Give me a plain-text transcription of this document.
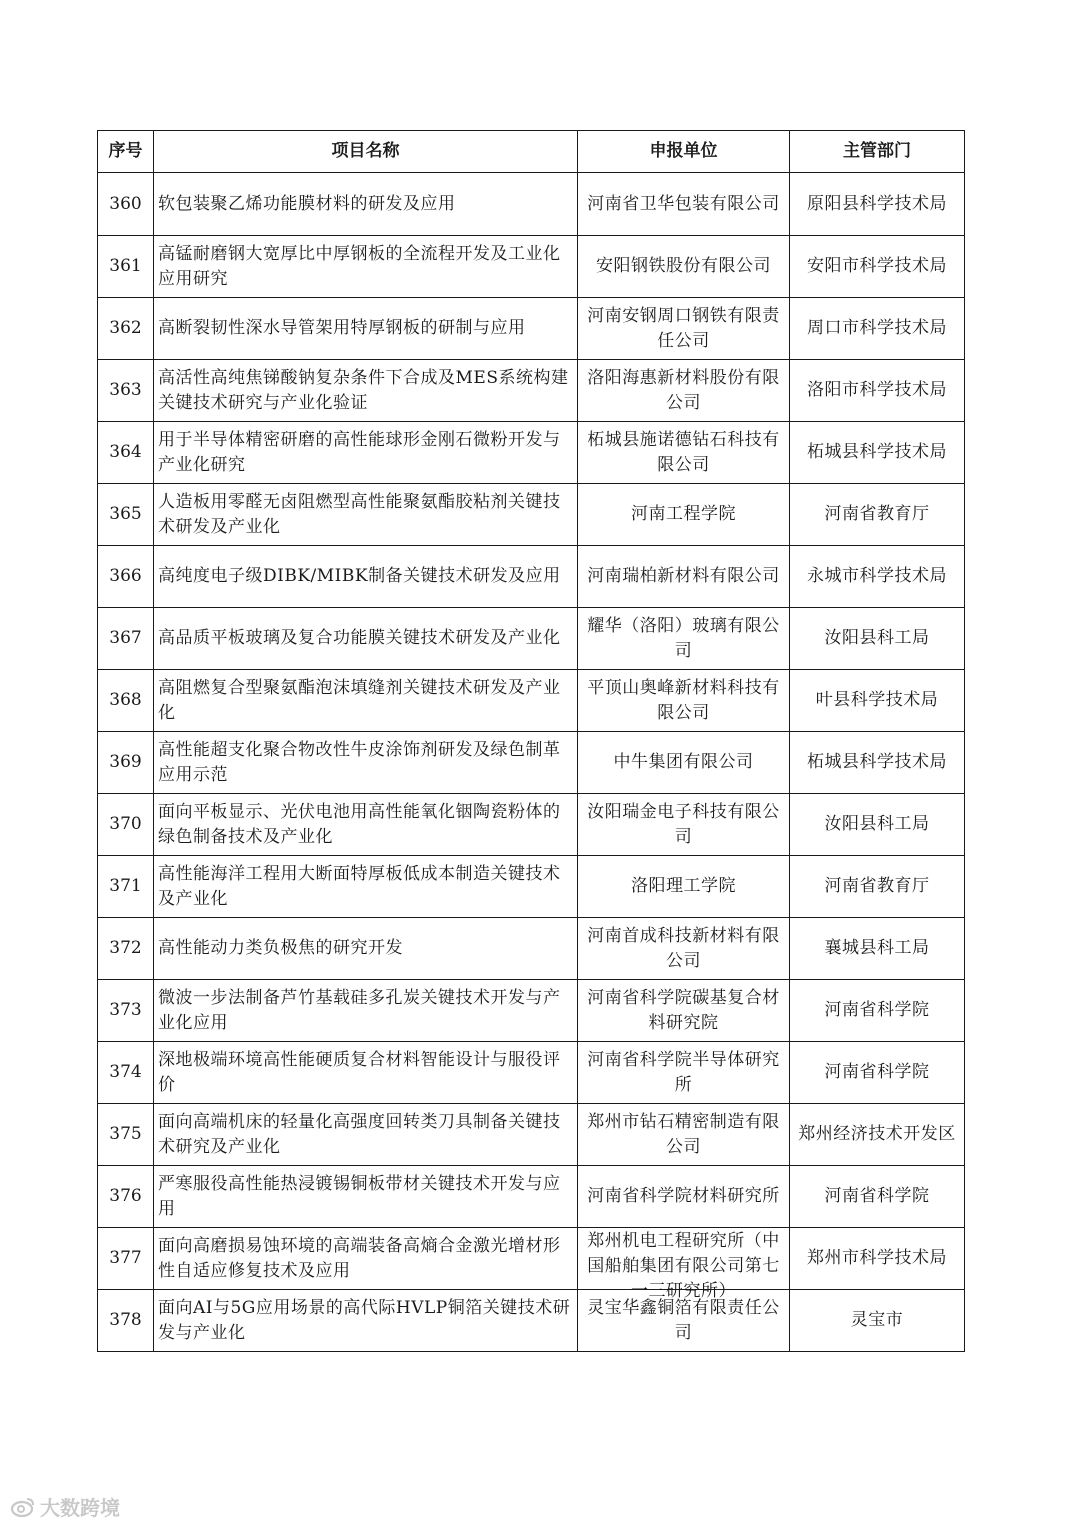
序号	项目名称	申报单位	主管部门

360	软包装聚乙烯功能膜材料的研发及应用	河南省卫华包装有限公司	原阳县科学技术局

361	高锰耐磨钢大宽厚比中厚钢板的全流程开发及工业化应用研究	安阳钢铁股份有限公司	安阳市科学技术局

362	高断裂韧性深水导管架用特厚钢板的研制与应用	河南安钢周口钢铁有限责任公司	周口市科学技术局

363	高活性高纯焦锑酸钠复杂条件下合成及MES系统构建关键技术研究与产业化验证	洛阳海惠新材料股份有限公司	洛阳市科学技术局

364	用于半导体精密研磨的高性能球形金刚石微粉开发与产业化研究	柘城县施诺德钻石科技有限公司	柘城县科学技术局

365	人造板用零醛无卤阻燃型高性能聚氨酯胶粘剂关键技术研发及产业化	河南工程学院	河南省教育厅

366	高纯度电子级DIBK/MIBK制备关键技术研发及应用	河南瑞柏新材料有限公司	永城市科学技术局

367	高品质平板玻璃及复合功能膜关键技术研发及产业化	耀华（洛阳）玻璃有限公司	汝阳县科工局

368	高阻燃复合型聚氨酯泡沫填缝剂关键技术研发及产业化	平顶山奥峰新材料科技有限公司	叶县科学技术局

369	高性能超支化聚合物改性牛皮涂饰剂研发及绿色制革应用示范	中牛集团有限公司	柘城县科学技术局

370	面向平板显示、光伏电池用高性能氧化铟陶瓷粉体的绿色制备技术及产业化	汝阳瑞金电子科技有限公司	汝阳县科工局

371	高性能海洋工程用大断面特厚板低成本制造关键技术及产业化	洛阳理工学院	河南省教育厅

372	高性能动力类负极焦的研究开发	河南首成科技新材料有限公司	襄城县科工局

373	微波一步法制备芦竹基载硅多孔炭关键技术开发与产业化应用	河南省科学院碳基复合材料研究院	河南省科学院

374	深地极端环境高性能硬质复合材料智能设计与服役评价	河南省科学院半导体研究所	河南省科学院

375	面向高端机床的轻量化高强度回转类刀具制备关键技术研究及产业化	郑州市钻石精密制造有限公司	郑州经济技术开发区

376	严寒服役高性能热浸镀锡铜板带材关键技术开发与应用	河南省科学院材料研究所	河南省科学院

377	面向高磨损易蚀环境的高端装备高熵合金激光增材形性自适应修复技术及应用	郑州机电工程研究所（中国船舶集团有限公司第七一三研究所）	郑州市科学技术局

378	面向AI与5G应用场景的高代际HVLP铜箔关键技术研发与产业化	灵宝华鑫铜箔有限责任公司	灵宝市
大数跨境
